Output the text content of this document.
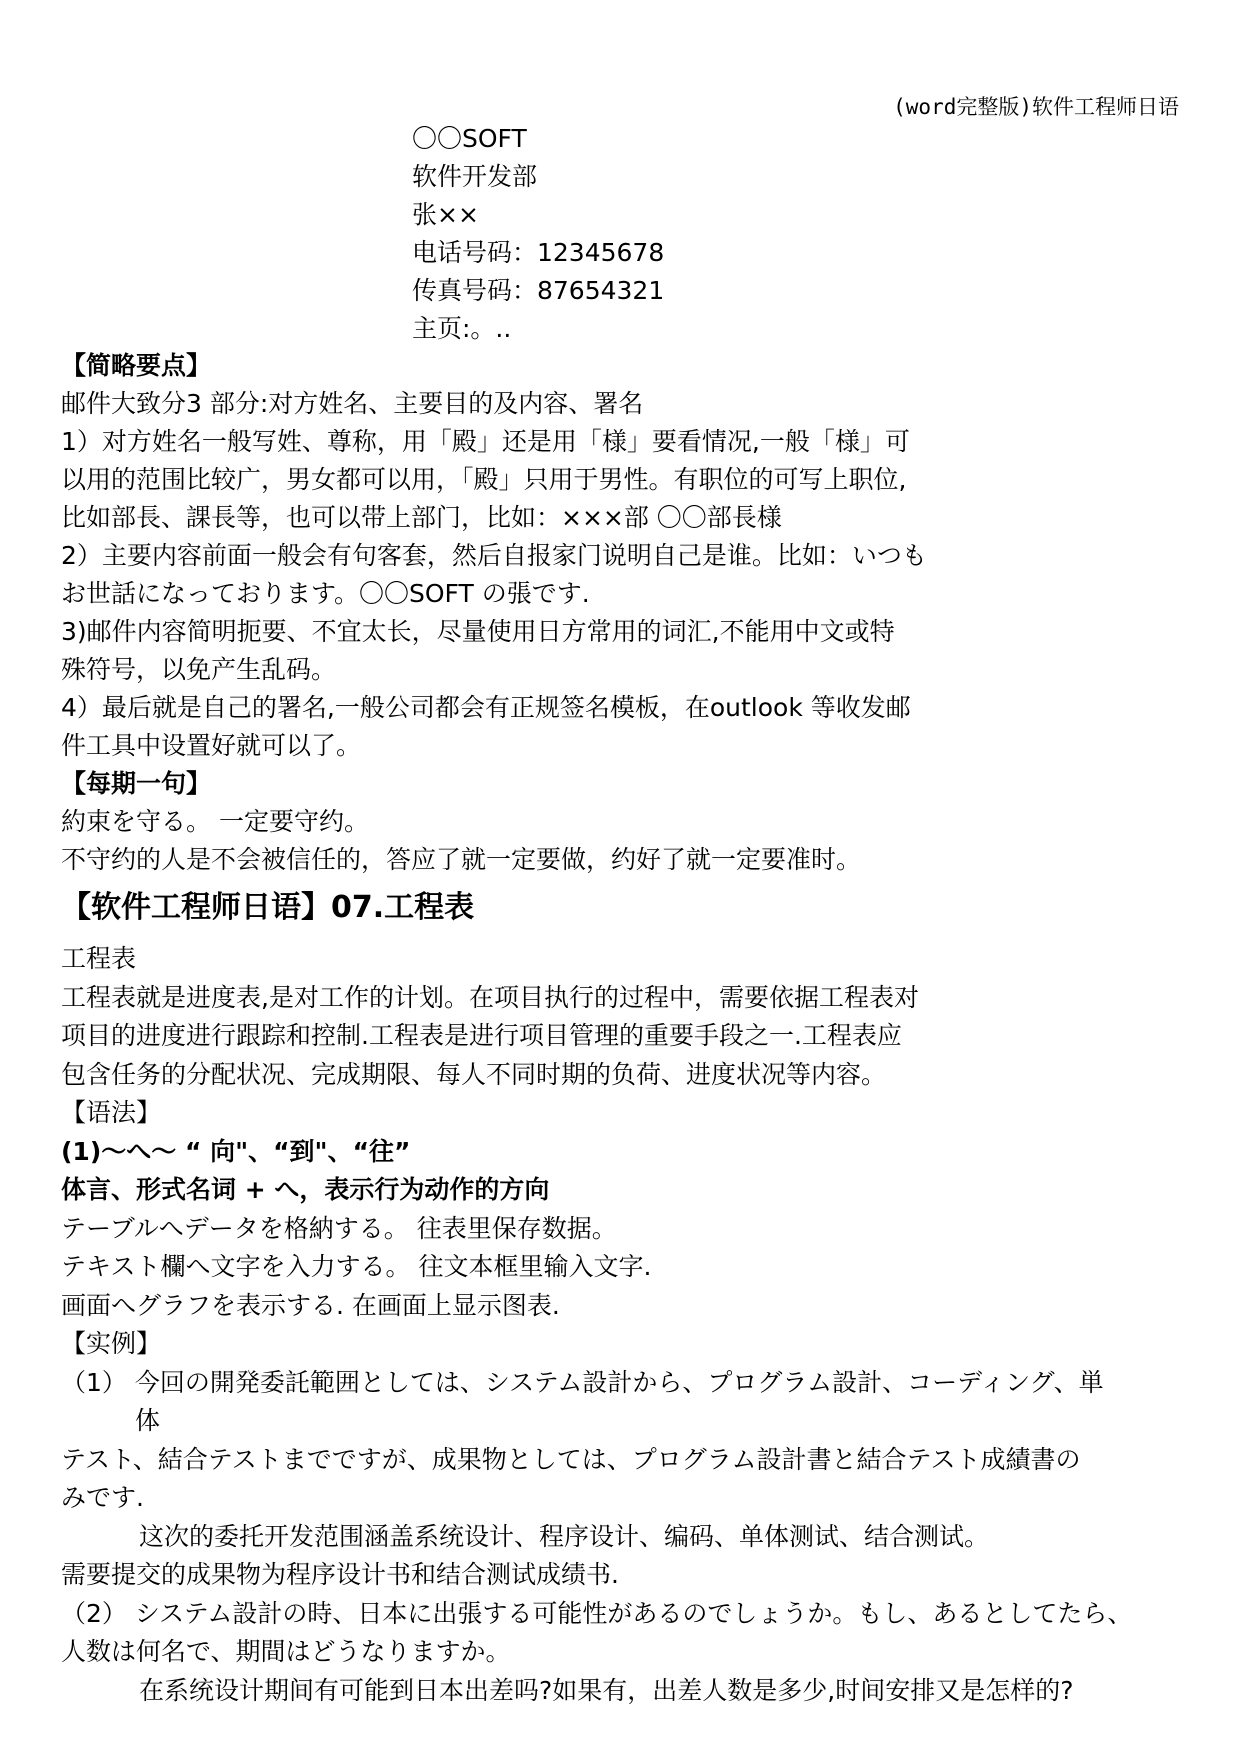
(word完整版)软件工程师日语
〇〇SOFT
软件开发部
张××
电话号码：12345678
传真号码：87654321
主页:。..
【简略要点】
邮件大致分3 部分:对方姓名、主要目的及内容、署名
1）对方姓名一般写姓、尊称，用「殿」还是用「様」要看情况,一般「様」可
以用的范围比较广，男女都可以用，「殿」只用于男性。有职位的可写上职位,
比如部長、課長等，也可以带上部门，比如：×××部 〇〇部長様
2）主要内容前面一般会有句客套，然后自报家门说明自己是谁。比如：いつも
お世話になっております。〇〇SOFT の張です.
3)邮件内容简明扼要、不宜太长，尽量使用日方常用的词汇,不能用中文或特
殊符号，以免产生乱码。
4）最后就是自己的署名,一般公司都会有正规签名模板，在outlook 等收发邮
件工具中设置好就可以了。
【每期一句】
約束を守る。 一定要守约。
不守约的人是不会被信任的，答应了就一定要做，约好了就一定要准时。
【软件工程师日语】07.工程表
工程表
工程表就是进度表,是对工作的计划。在项目执行的过程中，需要依据工程表对
项目的进度进行跟踪和控制.工程表是进行项目管理的重要手段之一.工程表应
包含任务的分配状况、完成期限、每人不同时期的负荷、进度状况等内容。
【语法】
(1)～へ～ “ 向"、“到"、“往”
体言、形式名词 + へ，表示行为动作的方向
テーブルへデータを格納する。 往表里保存数据。
テキスト欄へ文字を入力する。 往文本框里输入文字.
画面へグラフを表示する. 在画面上显示图表.
【实例】
（1） 今回の開発委託範囲としては、システム設計から、プログラム設計、コーディング、単
体
テスト、結合テストまでですが、成果物としては、プログラム設計書と結合テスト成績書の
みです.
这次的委托开发范围涵盖系统设计、程序设计、编码、单体测试、结合测试。
需要提交的成果物为程序设计书和结合测试成绩书.
（2） システム設計の時、日本に出張する可能性があるのでしょうか。もし、あるとしてたら、
人数は何名で、期間はどうなりますか。
在系统设计期间有可能到日本出差吗?如果有，出差人数是多少,时间安排又是怎样的?
